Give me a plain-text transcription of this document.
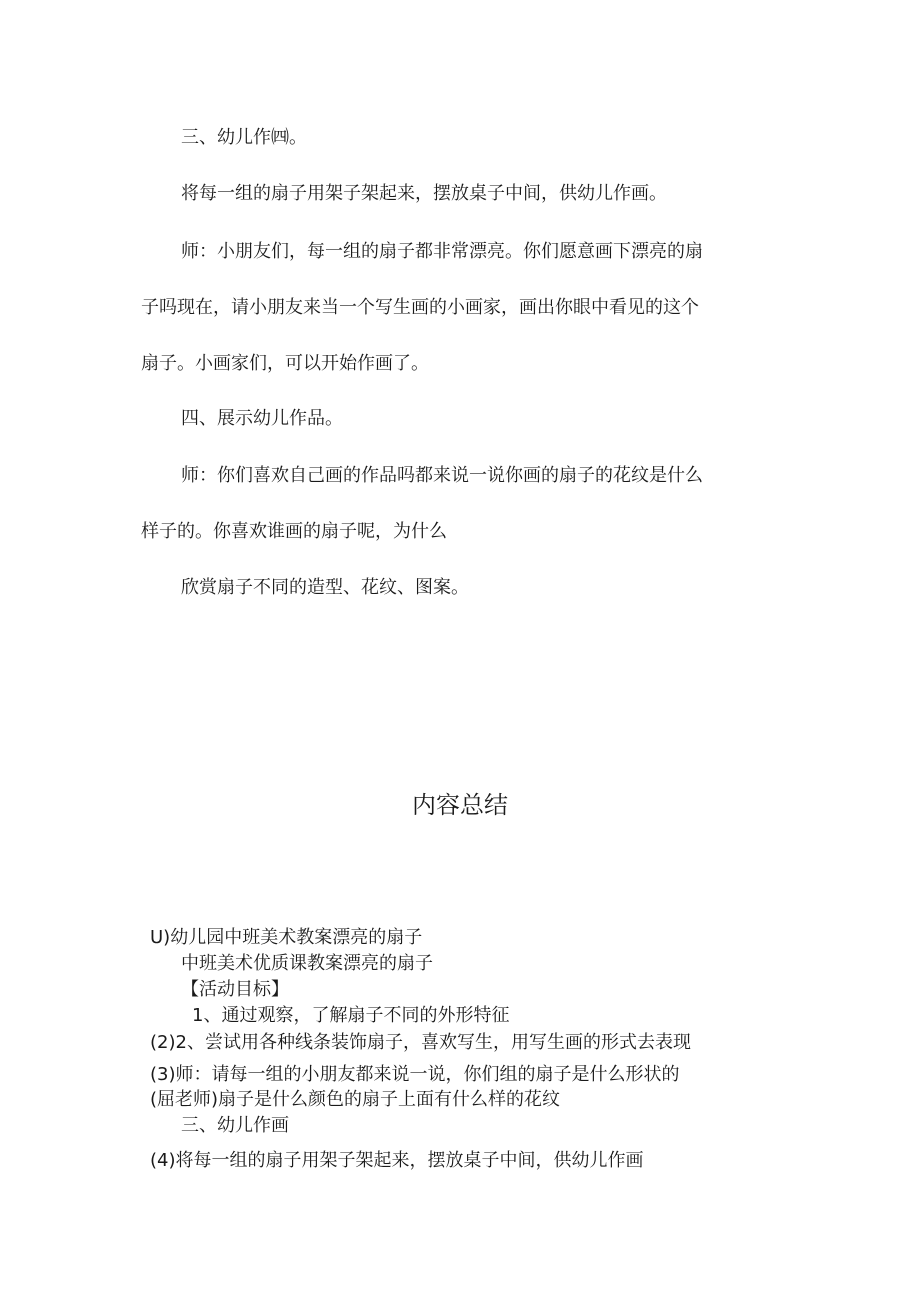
三、幼儿作㈣。
将每一组的扇子用架子架起来，摆放桌子中间，供幼儿作画。
师：小朋友们，每一组的扇子都非常漂亮。你们愿意画下漂亮的扇
子吗现在，请小朋友来当一个写生画的小画家，画出你眼中看见的这个
扇子。小画家们，可以开始作画了。
四、展示幼儿作品。
师：你们喜欢自己画的作品吗都来说一说你画的扇子的花纹是什么
样子的。你喜欢谁画的扇子呢，为什么
欣赏扇子不同的造型、花纹、图案。
内容总结
U)幼儿园中班美术教案漂亮的扇子
中班美术优质课教案漂亮的扇子
【活动目标】
1、通过观察，了解扇子不同的外形特征
(2)2、尝试用各种线条装饰扇子，喜欢写生，用写生画的形式去表现
(3)师：请每一组的小朋友都来说一说，你们组的扇子是什么形状的
(屈老师)扇子是什么颜色的扇子上面有什么样的花纹
三、幼儿作画
(4)将每一组的扇子用架子架起来，摆放桌子中间，供幼儿作画
